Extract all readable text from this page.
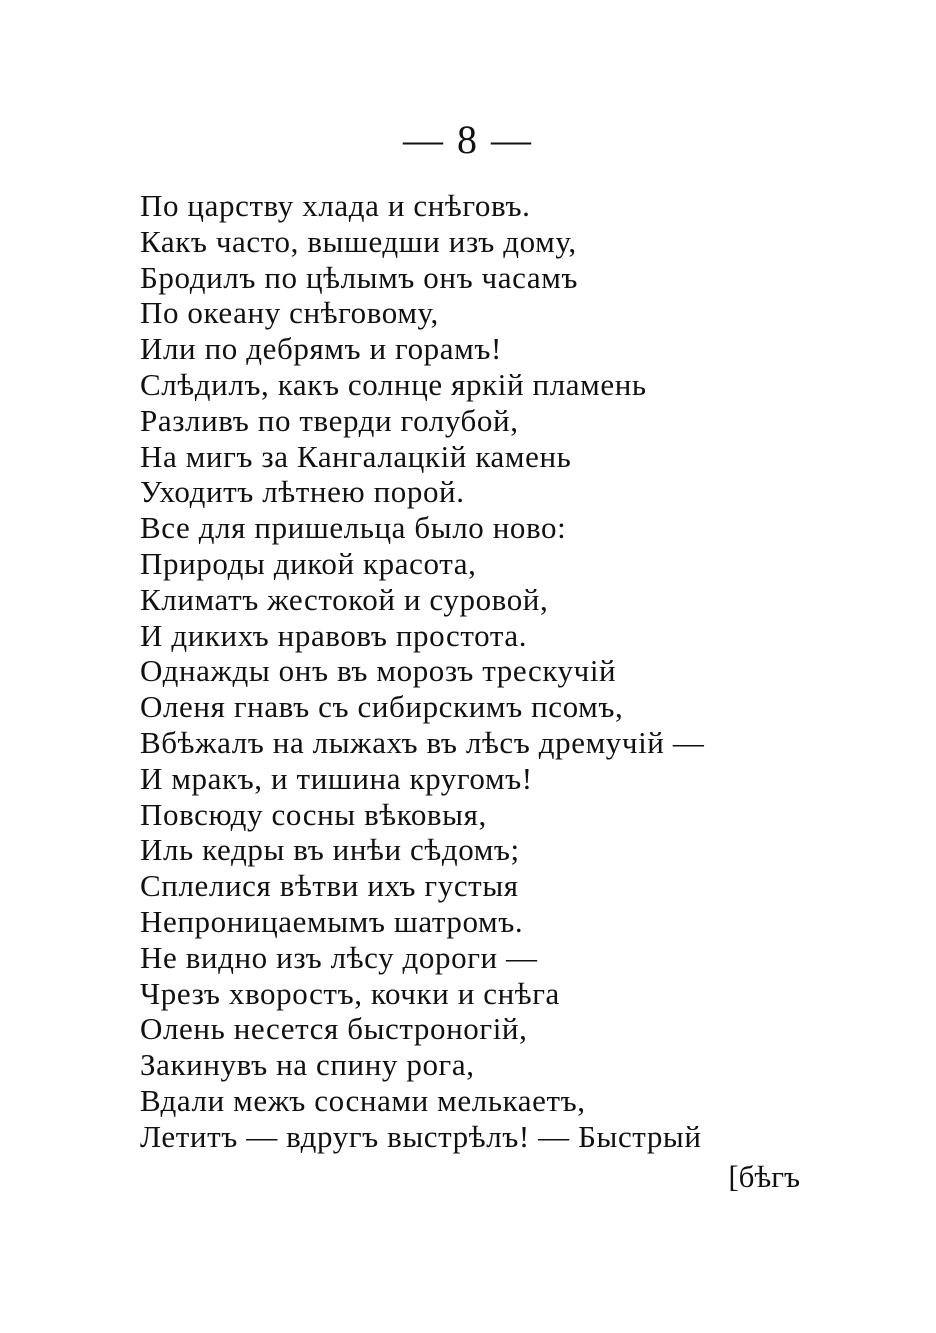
— 8 —
По царству хлада и снѣговъ.
Какъ часто, вышедши изъ дому,
Бродилъ по цѣлымъ онъ часамъ
По океану снѣговому,
Или по дебрямъ и горамъ!
Слѣдилъ, какъ солнце яркій пламень
Разливъ по тверди голубой,
На мигъ за Кангалацкій камень
Уходитъ лѣтнею порой.
Все для пришельца было ново:
Природы дикой красота,
Климатъ жестокой и суровой,
И дикихъ нравовъ простота.
Однажды онъ въ морозъ трескучій
Оленя гнавъ съ сибирскимъ псомъ,
Вбѣжалъ на лыжахъ въ лѣсъ дремучій —
И мракъ, и тишина кругомъ!
Повсюду сосны вѣковыя,
Иль кедры въ инѣи сѣдомъ;
Сплелися вѣтви ихъ густыя
Непроницаемымъ шатромъ.
Не видно изъ лѣсу дороги —
Чрезъ хворостъ, кочки и снѣга
Олень несется быстроногій,
Закинувъ на спину рога,
Вдали межъ соснами мелькаетъ,
Летитъ — вдругъ выстрѣлъ! — Быстрый
[бѣгъ
